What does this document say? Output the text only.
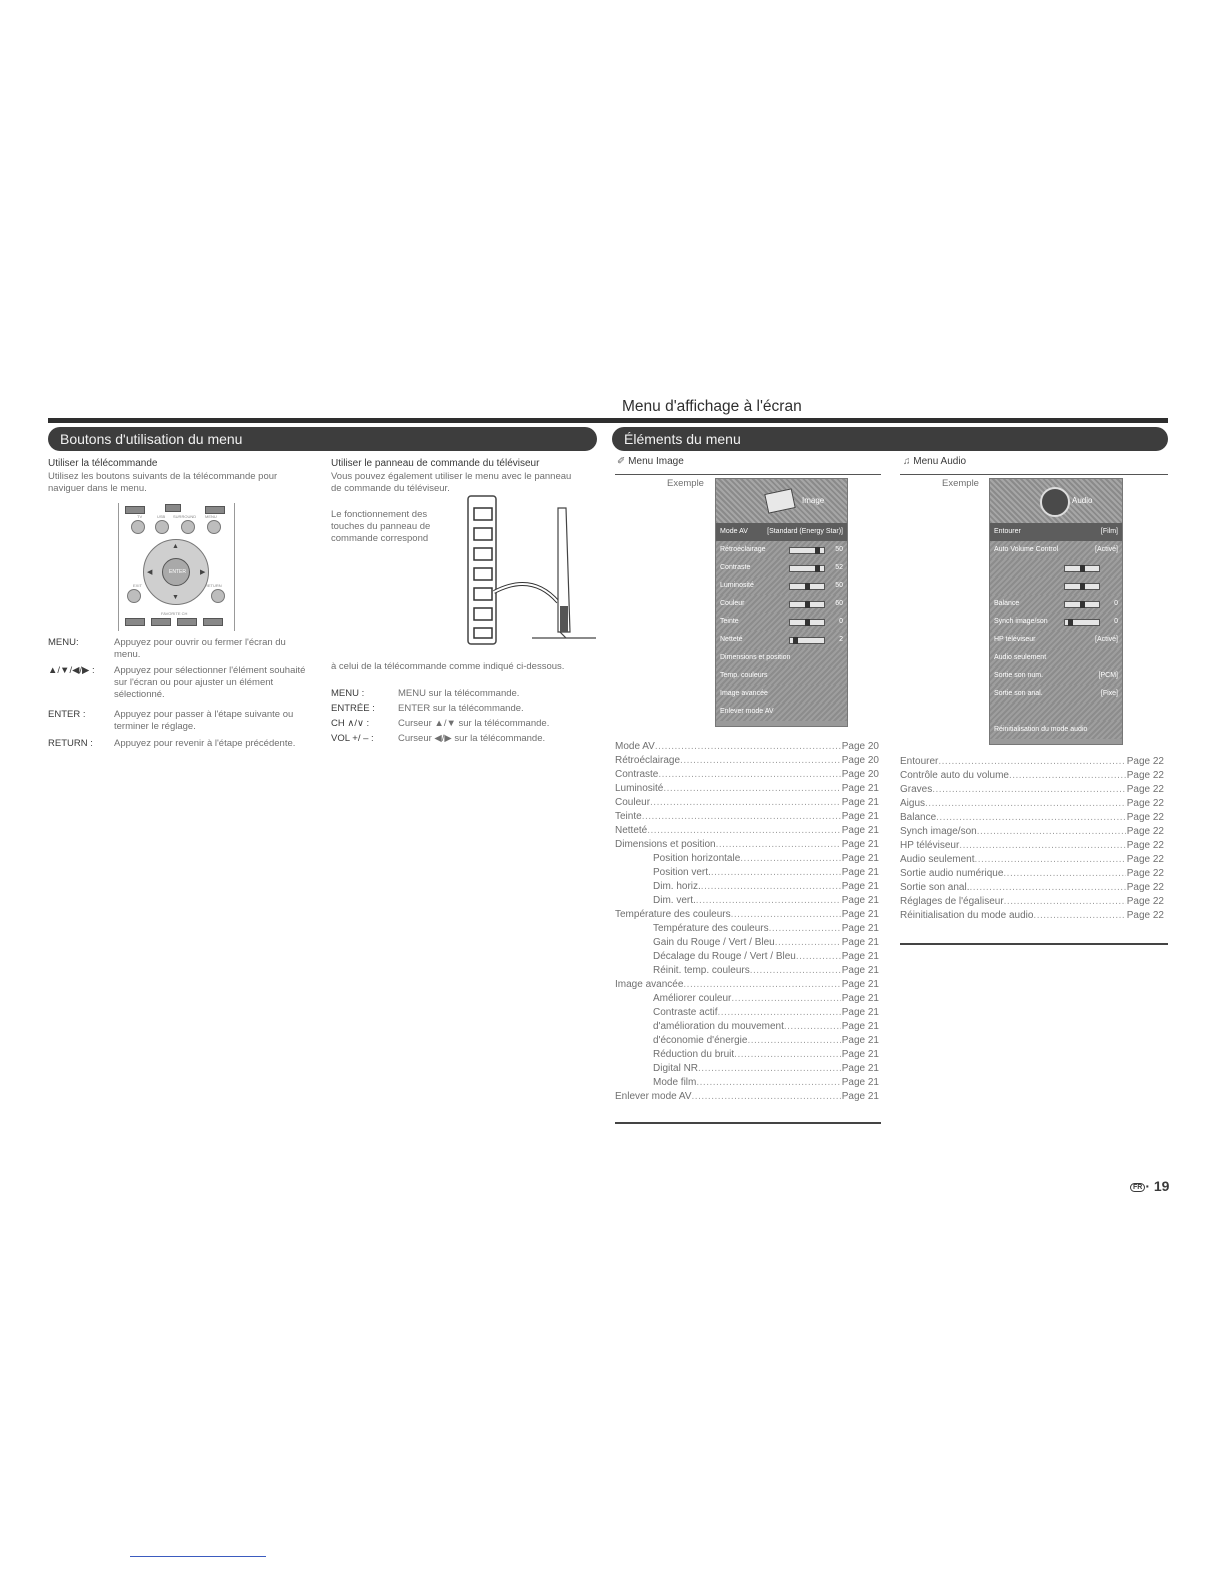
Menu d'affichage à l'écran
Boutons d'utilisation du menu	Éléments du menu
Utiliser la télécommande
Utilisez les boutons suivants de la télécommande pour naviguer dans le menu.
TV	USB SURROUND MENU
▲
▼
◀	▶
ENTER
EXIT	RETURN
FAVORITE CH
MENU:	Appuyez pour ouvrir ou fermer l'écran du menu.
▲/▼/◀/▶ : Appuyez pour sélectionner l'élément souhaité sur l'écran ou pour ajuster un élément sélectionné.
ENTER :	Appuyez pour passer à l'étape suivante ou terminer le réglage.
RETURN : Appuyez pour revenir à l'étape précédente.
Utiliser le panneau de commande du téléviseur
Vous pouvez également utiliser le menu avec le panneau de commande du téléviseur.
Le fonctionnement des touches du panneau de commande correspond
à celui de la télécommande comme indiqué ci-dessous.
MENU :	MENU sur la télécommande.
ENTRÉE : ENTER sur la télécommande.
CH ∧/∨ :	Curseur ▲/▼ sur la télécommande.
VOL +/ – :	Curseur ◀/▶ sur la télécommande.
✐ Menu Image
Exemple
Image
Mode AV	[Standard (Energy Star)]
Rétroéclairage	50
Contraste	52
Luminosité	50
Couleur	60
Teinte	0
Netteté	2
Dimensions et position
Temp. couleurs
Image avancée
Enlever mode AV
Mode AV .....	Page 20
Rétroéclairage .....	Page 20
Contraste .....	Page 20
Luminosité .....	Page 21
Couleur .....	Page 21
Teinte .....	Page 21
Netteté .....	Page 21
Dimensions et position .....	Page 21
Position horizontale .....	Page 21
Position vert. .....	Page 21
Dim. horiz. .....	Page 21
Dim. vert. .....	Page 21
Température des couleurs .....	Page 21
Température des couleurs .....	Page 21
Gain du Rouge / Vert / Bleu .....	Page 21
Décalage du Rouge / Vert / Bleu .....	Page 21
Réinit. temp. couleurs .....	Page 21
Image avancée .....	Page 21
Améliorer couleur .....	Page 21
Contraste actif .....	Page 21
d'amélioration du mouvement .....	Page 21
d'économie d'énergie .....	Page 21
Réduction du bruit .....	Page 21
Digital NR .....	Page 21
Mode film .....	Page 21
Enlever mode AV .....	Page 21
♫ Menu Audio
Exemple
Audio
Entourer	[Film]
Auto Volume Control	[Activé]
Balance	0
Synch image/son	0
HP téléviseur	[Activé]
Audio seulement
Sortie son num.	[PCM]
Sortie son anal.	[Fixe]
Réinitialisation du mode audio
Entourer .....	Page 22
Contrôle auto du volume .....	Page 22
Graves .....	Page 22
Aigus .....	Page 22
Balance .....	Page 22
Synch image/son .....	Page 22
HP téléviseur .....	Page 22
Audio seulement .....	Page 22
Sortie audio numérique .....	Page 22
Sortie son anal. .....	Page 22
Réglages de l'égaliseur .....	Page 22
Réinitialisation du mode audio .....	Page 22
FR · 19
